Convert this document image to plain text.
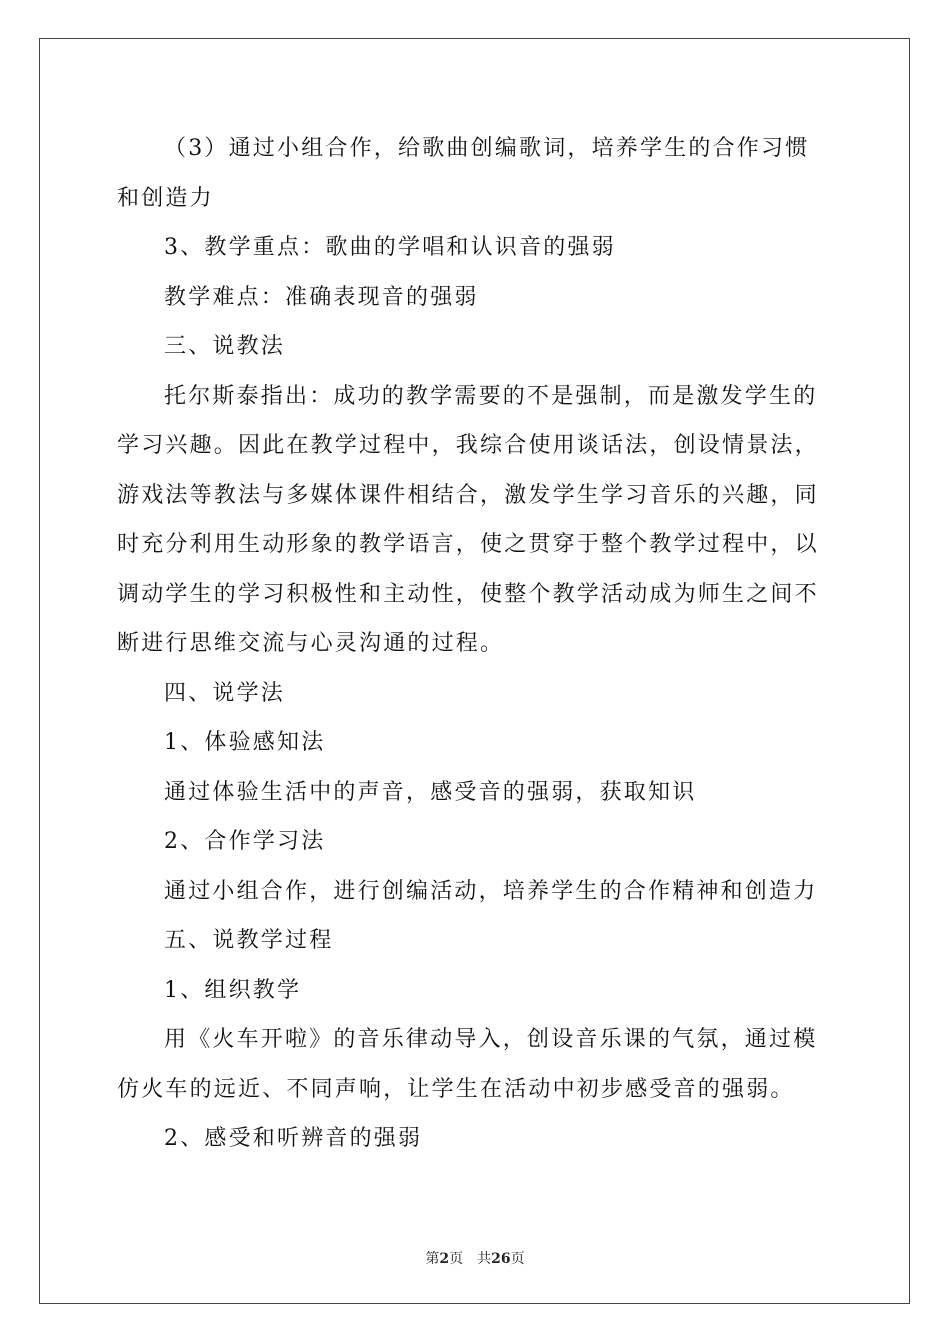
（3）通过小组合作，给歌曲创编歌词，培养学生的合作习惯和创造力

3、教学重点：歌曲的学唱和认识音的强弱

教学难点：准确表现音的强弱

三、说教法

托尔斯泰指出：成功的教学需要的不是强制，而是激发学生的学习兴趣。因此在教学过程中，我综合使用谈话法，创设情景法，游戏法等教法与多媒体课件相结合，激发学生学习音乐的兴趣，同时充分利用生动形象的教学语言，使之贯穿于整个教学过程中，以调动学生的学习积极性和主动性，使整个教学活动成为师生之间不断进行思维交流与心灵沟通的过程。

四、说学法

1、体验感知法

通过体验生活中的声音，感受音的强弱，获取知识

2、合作学习法

通过小组合作，进行创编活动，培养学生的合作精神和创造力

五、说教学过程

1、组织教学

用《火车开啦》的音乐律动导入，创设音乐课的气氛，通过模仿火车的远近、不同声响，让学生在活动中初步感受音的强弱。

2、感受和听辨音的强弱

第2页　共26页
